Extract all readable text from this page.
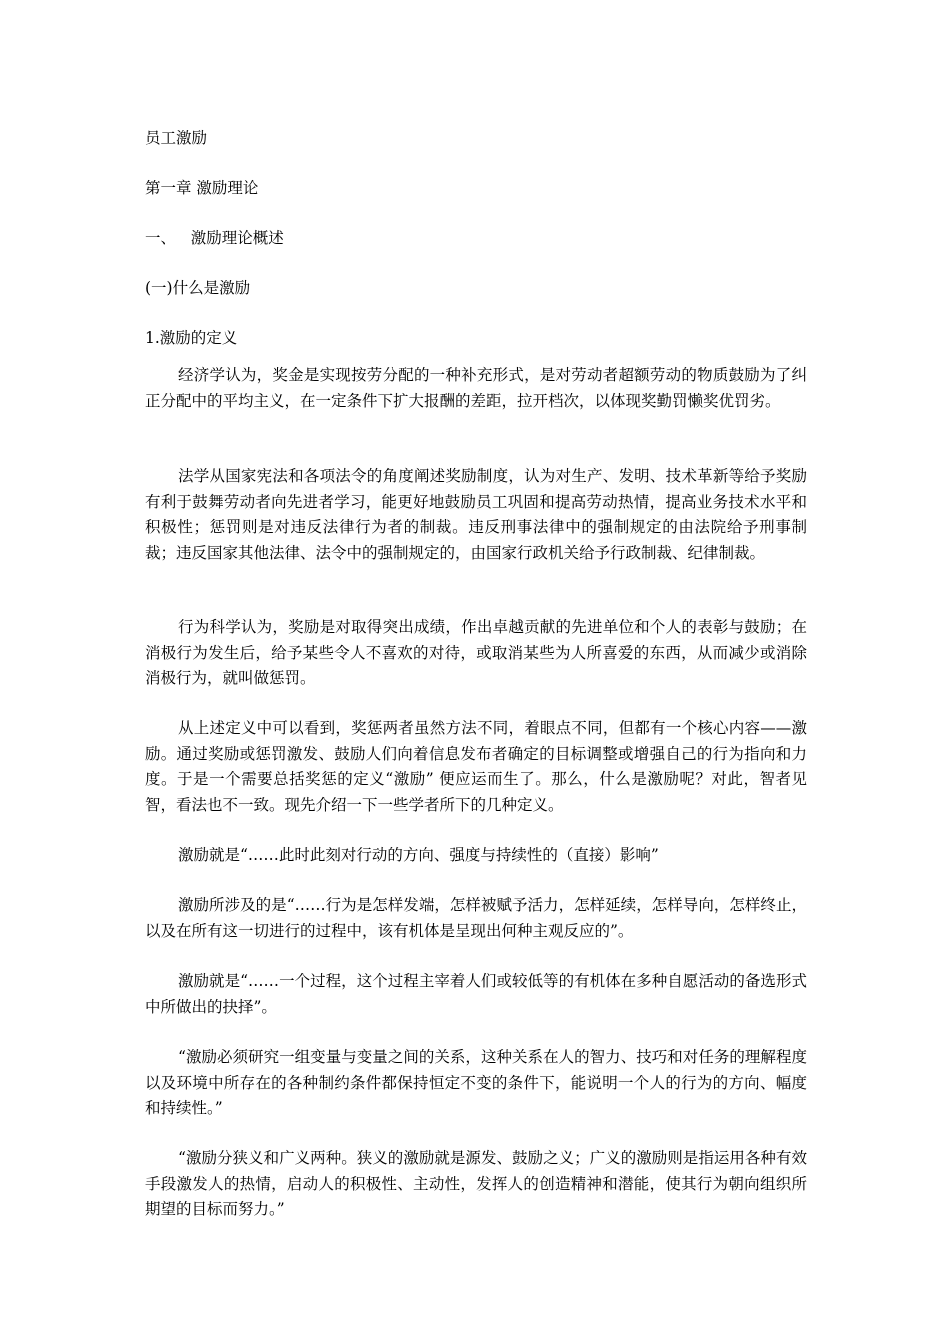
员工激励
第一章 激励理论
一、   激励理论概述
(一)什么是激励
1.激励的定义

经济学认为，奖金是实现按劳分配的一种补充形式，是对劳动者超额劳动的物质鼓励为了纠正分配中的平均主义，在一定条件下扩大报酬的差距，拉开档次，以体现奖勤罚懒奖优罚劣。

法学从国家宪法和各项法令的角度阐述奖励制度，认为对生产、发明、技术革新等给予奖励有利于鼓舞劳动者向先进者学习，能更好地鼓励员工巩固和提高劳动热情，提高业务技术水平和积极性；惩罚则是对违反法律行为者的制裁。违反刑事法律中的强制规定的由法院给予刑事制裁；违反国家其他法律、法令中的强制规定的，由国家行政机关给予行政制裁、纪律制裁。

行为科学认为，奖励是对取得突出成绩，作出卓越贡献的先进单位和个人的表彰与鼓励；在消极行为发生后，给予某些令人不喜欢的对待，或取消某些为人所喜爱的东西，从而减少或消除消极行为，就叫做惩罚。

从上述定义中可以看到，奖惩两者虽然方法不同，着眼点不同，但都有一个核心内容——激励。通过奖励或惩罚激发、鼓励人们向着信息发布者确定的目标调整或增强自己的行为指向和力度。于是一个需要总括奖惩的定义“激励” 便应运而生了。那么，什么是激励呢？对此，智者见智，看法也不一致。现先介绍一下一些学者所下的几种定义。

激励就是“……此时此刻对行动的方向、强度与持续性的（直接）影响”

激励所涉及的是“……行为是怎样发端，怎样被赋予活力，怎样延续，怎样导向，怎样终止，以及在所有这一切进行的过程中，该有机体是呈现出何种主观反应的”。

激励就是“……一个过程，这个过程主宰着人们或较低等的有机体在多种自愿活动的备选形式中所做出的抉择”。

“激励必须研究一组变量与变量之间的关系，这种关系在人的智力、技巧和对任务的理解程度以及环境中所存在的各种制约条件都保持恒定不变的条件下，能说明一个人的行为的方向、幅度和持续性。”

“激励分狭义和广义两种。狭义的激励就是源发、鼓励之义；广义的激励则是指运用各种有效手段激发人的热情，启动人的积极性、主动性，发挥人的创造精神和潜能，使其行为朝向组织所期望的目标而努力。”
